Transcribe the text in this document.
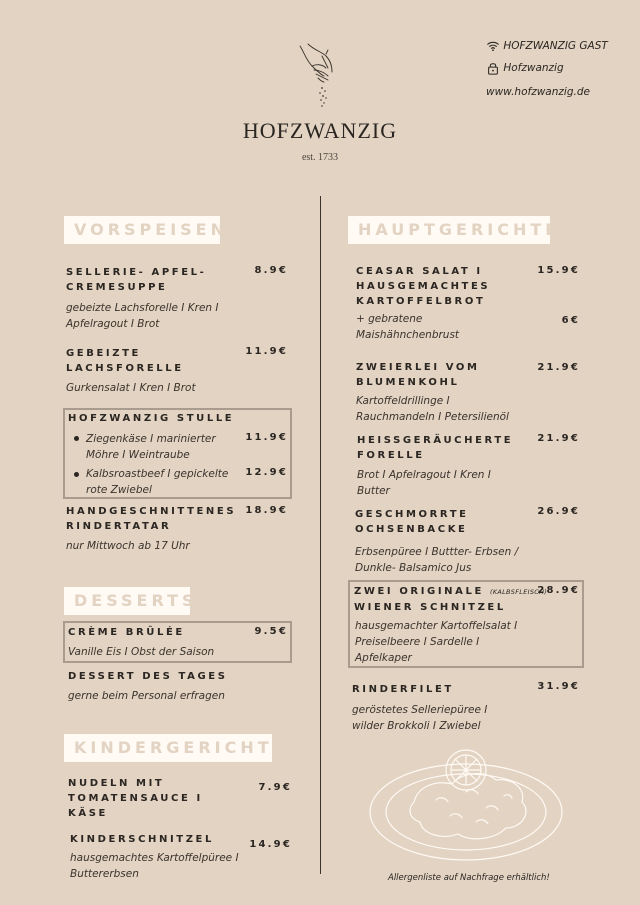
HOFZWANZIG
est. 1733
HOFZWANZIG GAST
Hofzwanzig
www.hofzwanzig.de
VORSPEISEN
SELLERIE- APFEL-
CREMESUPPE
8.9€
gebeizte Lachsforelle I Kren I
Apfelragout I Brot
GEBEIZTE
LACHSFORELLE
11.9€
Gurkensalat I Kren I Brot
HOFZWANZIG STULLE
Ziegenkäse I marinierter
Möhre I Weintraube
11.9€
Kalbsroastbeef I gepickelte
rote Zwiebel
12.9€
HANDGESCHNITTENES
RINDERTATAR
18.9€
nur Mittwoch ab 17 Uhr
DESSERTS
CRÈME BRÛLÉE	9.5€
Vanille Eis I Obst der Saison
DESSERT DES TAGES
gerne beim Personal erfragen
KINDERGERICHTE
NUDELN MIT
TOMATENSAUCE I
KÄSE
7.9€
KINDERSCHNITZEL	14.9€
hausgemachtes Kartoffelpüree I
Buttererbsen
HAUPTGERICHTE
CEASAR SALAT I
HAUSGEMACHTES
KARTOFFELBROT
15.9€
+ gebratene
Maishähnchenbrust
6€
ZWEIERLEI VOM
BLUMENKOHL
21.9€
Kartoffeldrillinge I
Rauchmandeln I Petersilienöl
HEISSGERÄUCHERTE
FORELLE
21.9€
Brot I Apfelragout I Kren I
Butter
GESCHMORRTE
OCHSENBACKE
26.9€
Erbsenpüree I Buttter- Erbsen /
Dunkle- Balsamico Jus
ZWEI ORIGINALE (KALBSFLEISCH)
WIENER SCHNITZEL
28.9€
hausgemachter Kartoffelsalat I
Preiselbeere I Sardelle I
Apfelkaper
RINDERFILET	31.9€
geröstetes Selleriepüree I
wilder Brokkoli I Zwiebel
Allergenliste auf Nachfrage erhältlich!
